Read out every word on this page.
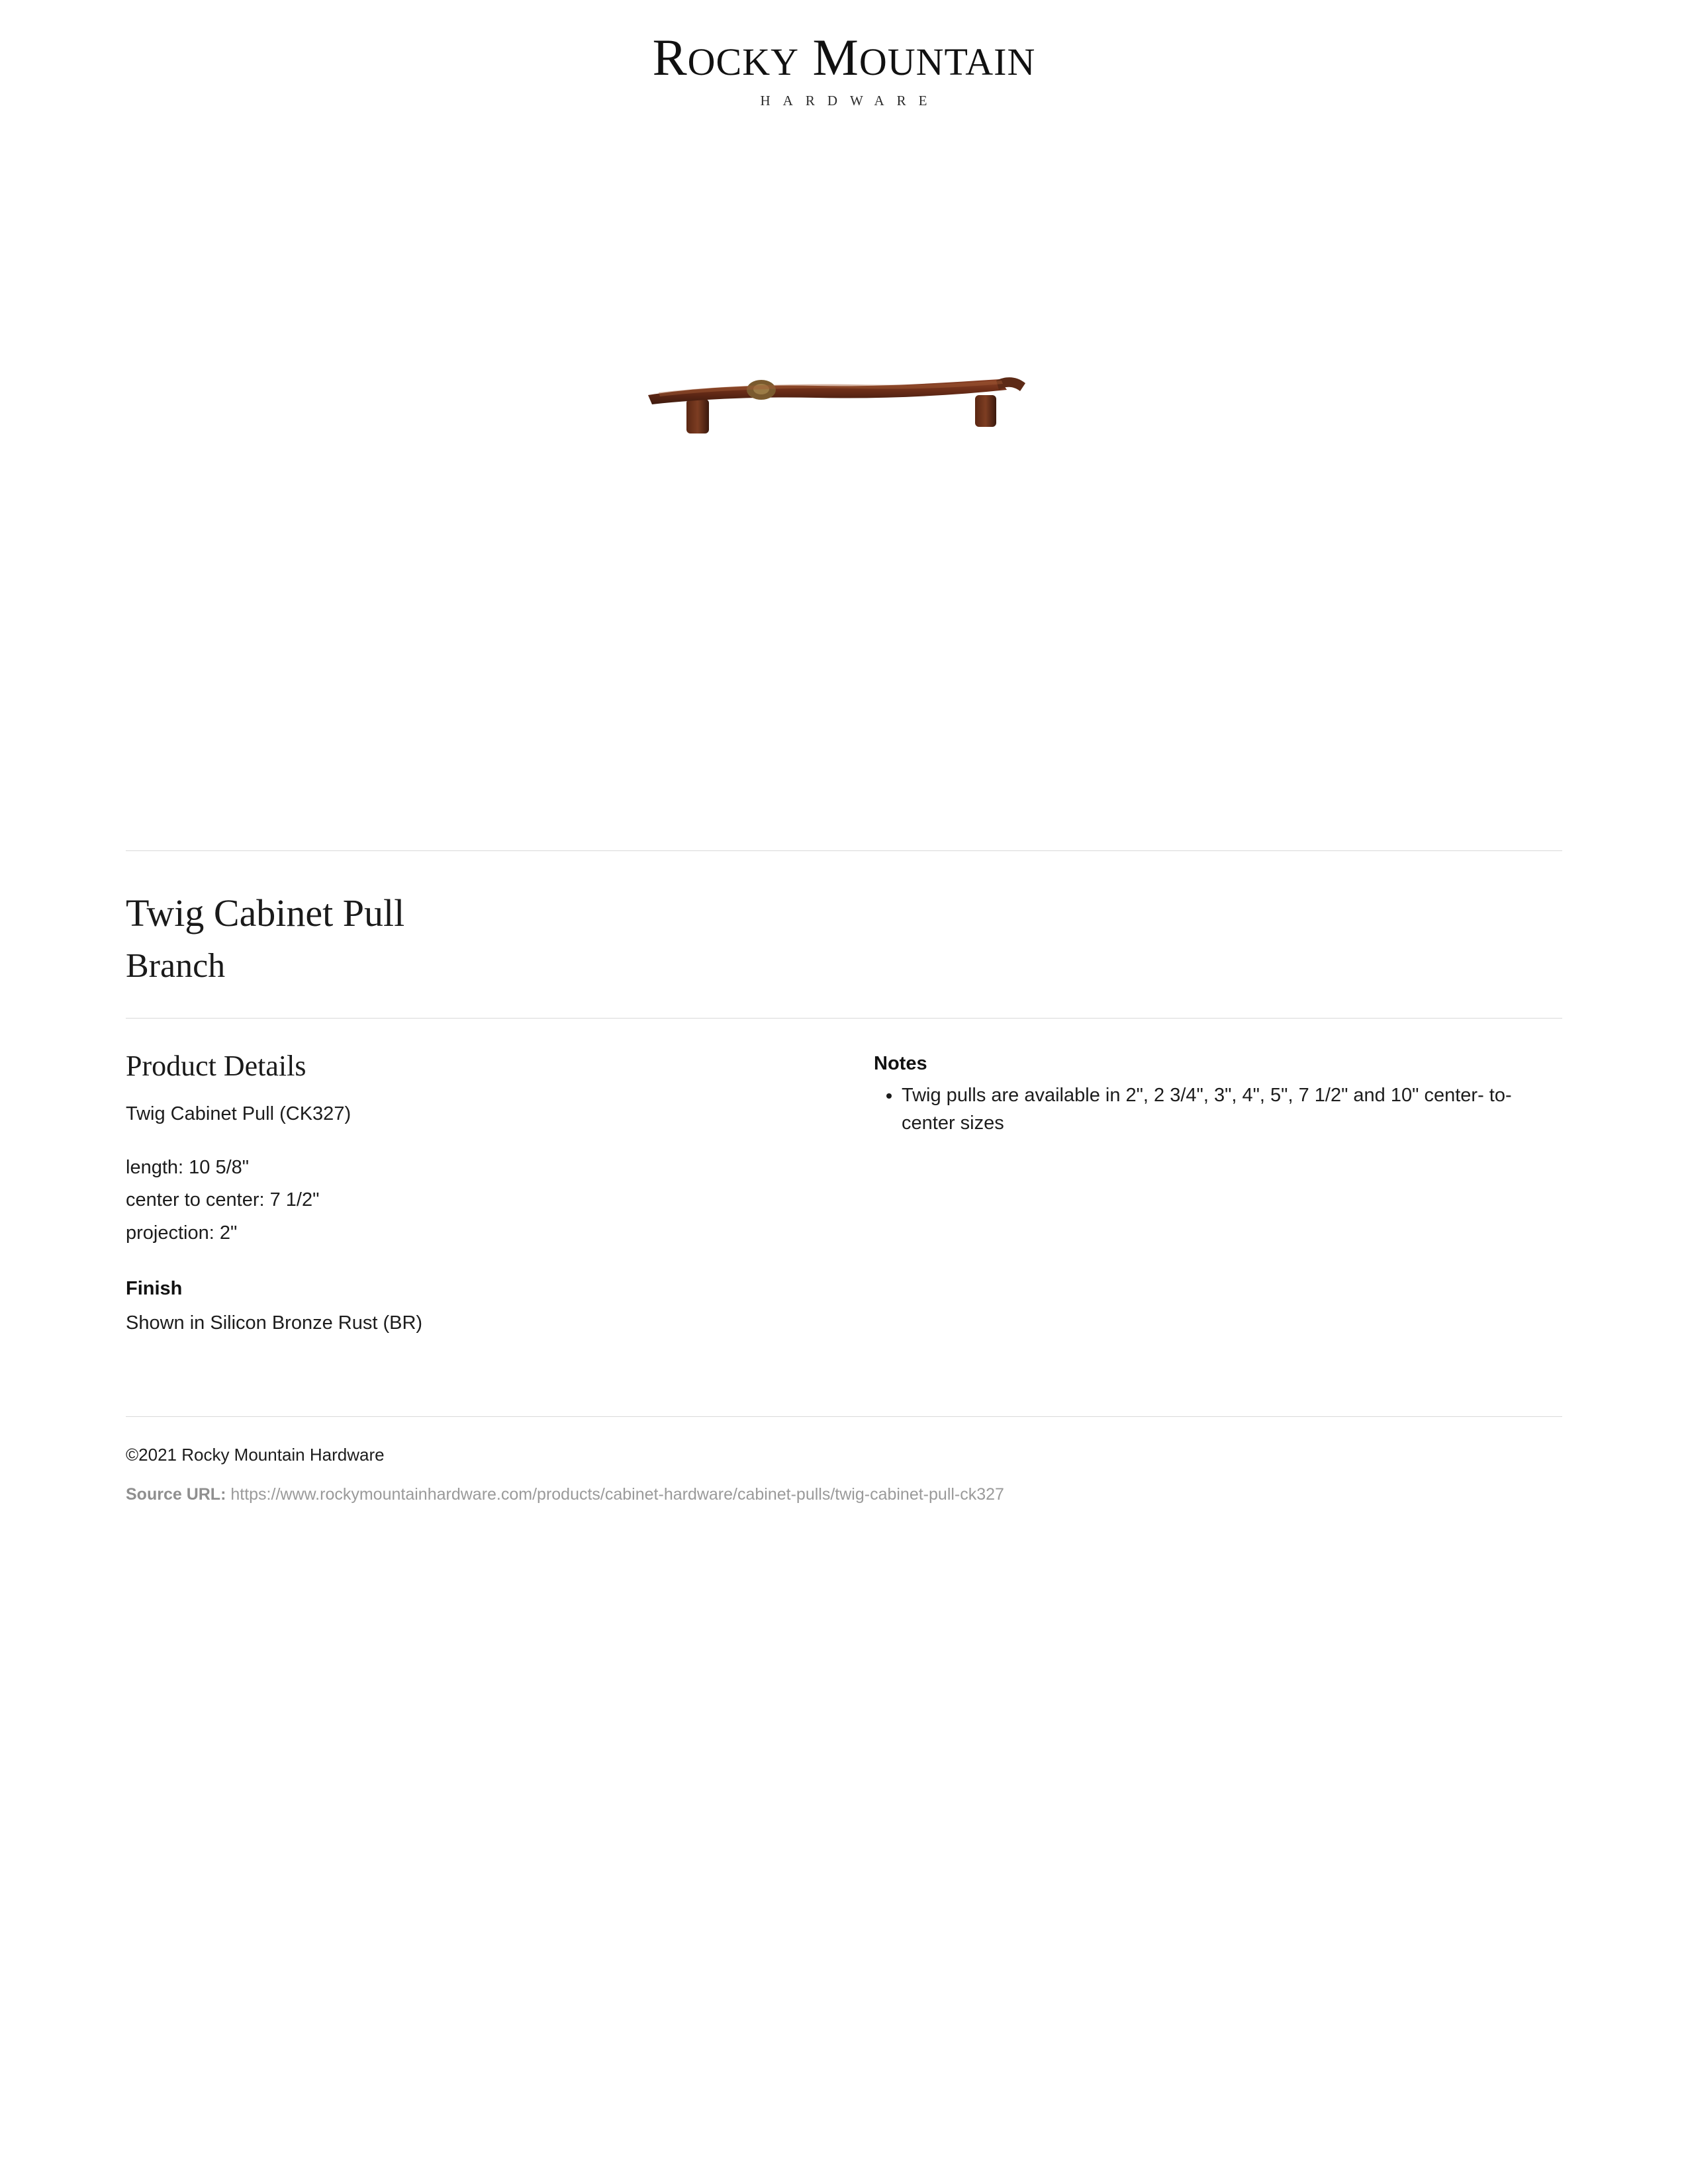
ROCKY MOUNTAIN
HARDWARE
Twig Cabinet Pull
Branch
Product Details

Twig Cabinet Pull (CK327)

length: 10 5/8"
center to center: 7 1/2"
projection: 2"
Finish

Shown in Silicon Bronze Rust (BR)

Notes
• Twig pulls are available in 2", 2 3/4", 3", 4", 5", 7 1/2" and 10" center- to- center sizes

©2021 Rocky Mountain Hardware

Source URL: https://www.rockymountainhardware.com/products/cabinet-hardware/cabinet-pulls/twig-cabinet-pull-ck327
